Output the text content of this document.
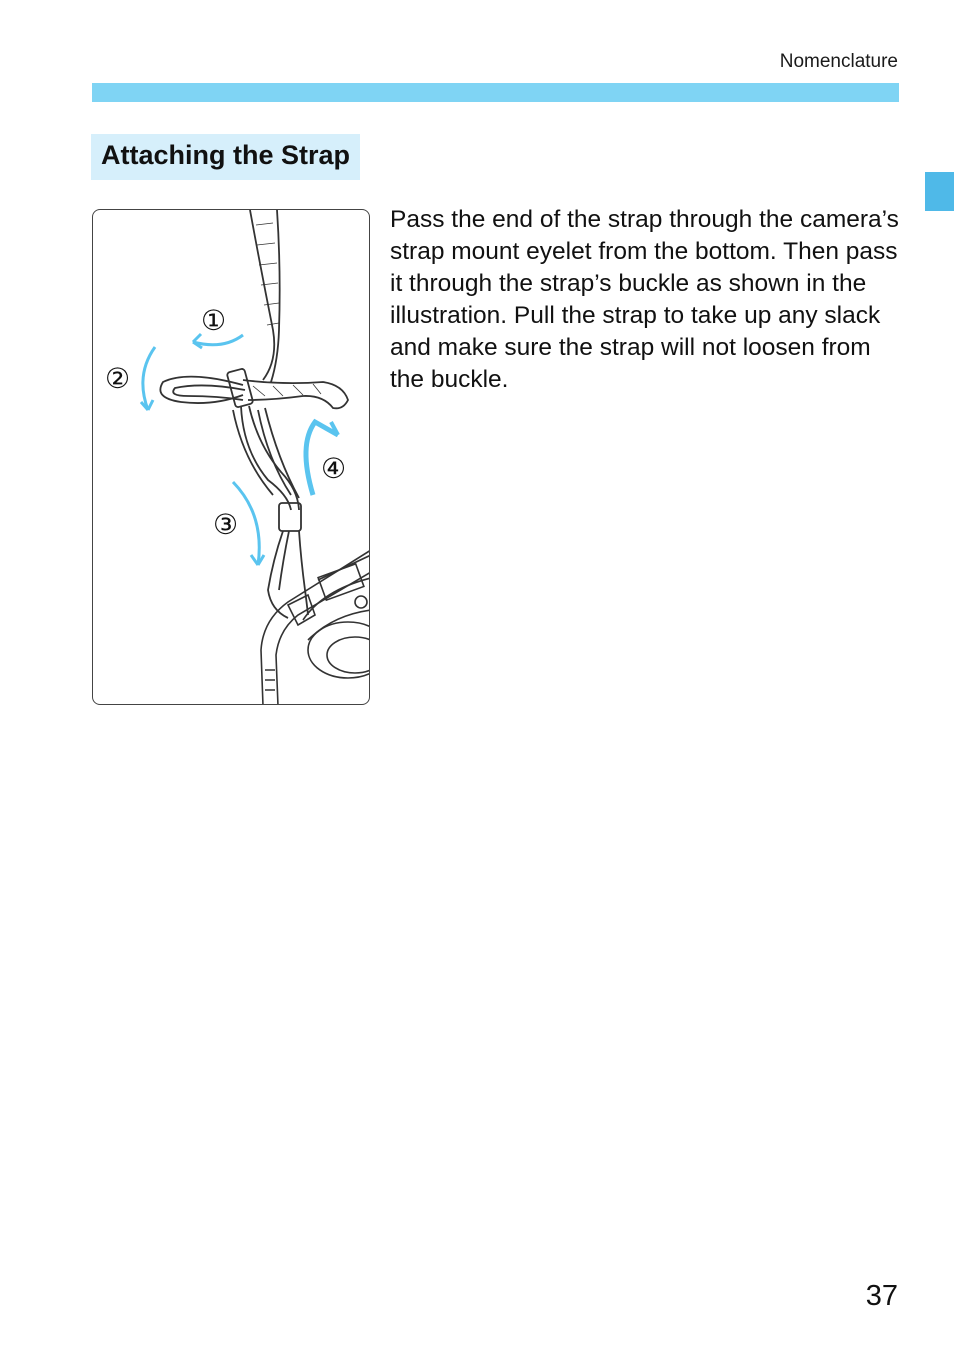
Nomenclature
Attaching the Strap
①
②
③
④

Pass the end of the strap through the camera’s strap mount eyelet from the bottom. Then pass it through the strap’s buckle as shown in the illustration. Pull the strap to take up any slack and make sure the strap will not loosen from the buckle.

37
